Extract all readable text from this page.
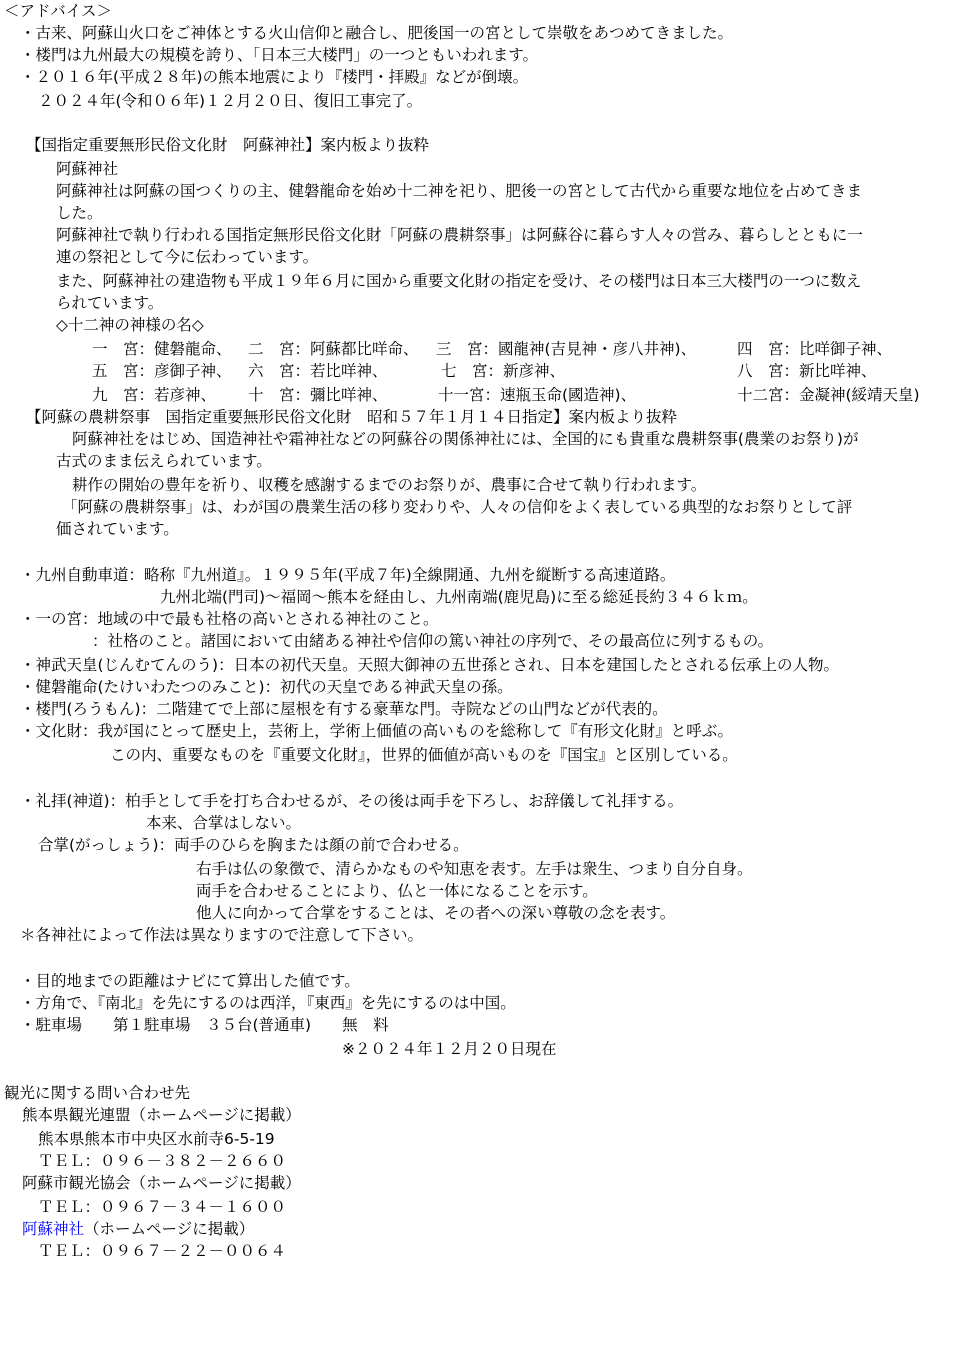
＜アドバイス＞
・古来、阿蘇山火口をご神体とする火山信仰と融合し、肥後国一の宮として崇敬をあつめてきました。
・楼門は九州最大の規模を誇り、「日本三大楼門」の一つともいわれます。
・２０１６年(平成２８年)の熊本地震により『楼門・拝殿』などが倒壊。
２０２４年(令和０６年)１２月２０日、復旧工事完了。
【国指定重要無形民俗文化財　阿蘇神社】案内板より抜粋
阿蘇神社
阿蘇神社は阿蘇の国つくりの主、健磐龍命を始め十二神を祀り、肥後一の宮として古代から重要な地位を占めてきま
した。
阿蘇神社で執り行われる国指定無形民俗文化財「阿蘇の農耕祭事」は阿蘇谷に暮らす人々の営み、暮らしとともに一
連の祭祀として今に伝わっています。
また、阿蘇神社の建造物も平成１９年６月に国から重要文化財の指定を受け、その楼門は日本三大楼門の一つに数え
られています。
◇十二神の神様の名◇
一　宮：健磐龍命、 二　宮：阿蘇都比咩命、 三　宮：國龍神(吉見神・彦八井神)、	四　宮：比咩御子神、
五　宮：彦御子神、 六　宮：若比咩神、	七　宮：新彦神、	八　宮：新比咩神、
九　宮：若彦神、 十　宮：彌比咩神、	十一宮：速瓶玉命(國造神)、	十二宮：金凝神(綏靖天皇)
【阿蘇の農耕祭事　国指定重要無形民俗文化財　昭和５７年１月１４日指定】案内板より抜粋
阿蘇神社をはじめ、国造神社や霜神社などの阿蘇谷の関係神社には、全国的にも貴重な農耕祭事(農業のお祭り)が
古式のまま伝えられています。
耕作の開始の豊年を祈り、収穫を感謝するまでのお祭りが、農事に合せて執り行われます。
「阿蘇の農耕祭事」は、わが国の農業生活の移り変わりや、人々の信仰をよく表している典型的なお祭りとして評
価されています。
・九州自動車道：略称『九州道』。１９９５年(平成７年)全線開通、九州を縦断する高速道路。
九州北端(門司)～福岡～熊本を経由し、九州南端(鹿児島)に至る総延長約３４６ｋｍ。
・一の宮：地域の中で最も社格の高いとされる神社のこと。
：社格のこと。諸国において由緒ある神社や信仰の篤い神社の序列で、その最高位に列するもの。
・神武天皇(じんむてんのう)：日本の初代天皇。天照大御神の五世孫とされ、日本を建国したとされる伝承上の人物。
・健磐龍命(たけいわたつのみこと)：初代の天皇である神武天皇の孫。
・楼門(ろうもん)：二階建てで上部に屋根を有する豪華な門。寺院などの山門などが代表的。
・文化財：我が国にとって歴史上，芸術上，学術上価値の高いものを総称して『有形文化財』と呼ぶ。
この内、重要なものを『重要文化財』，世界的価値が高いものを『国宝』と区別している。
・礼拝(神道)：柏手として手を打ち合わせるが、その後は両手を下ろし、お辞儀して礼拝する。
本来、合掌はしない。
合掌(がっしょう)：両手のひらを胸または顔の前で合わせる。
右手は仏の象徴で、清らかなものや知恵を表す。左手は衆生、つまり自分自身。
両手を合わせることにより、仏と一体になることを示す。
他人に向かって合掌をすることは、その者への深い尊敬の念を表す。
＊各神社によって作法は異なりますので注意して下さい。
・目的地までの距離はナビにて算出した値です。
・方角で、『南北』を先にするのは西洋，『東西』を先にするのは中国。
・駐車場　　第１駐車場　３５台(普通車)　　無　料
※２０２４年１２月２０日現在
観光に関する問い合わせ先
熊本県観光連盟（ホームページに掲載）
熊本県熊本市中央区水前寺6-5-19
ＴＥＬ：０９６－３８２－２６６０
阿蘇市観光協会（ホームページに掲載）
ＴＥＬ：０９６７－３４－１６００
阿蘇神社（ホームページに掲載）
ＴＥＬ：０９６７－２２－００６４
